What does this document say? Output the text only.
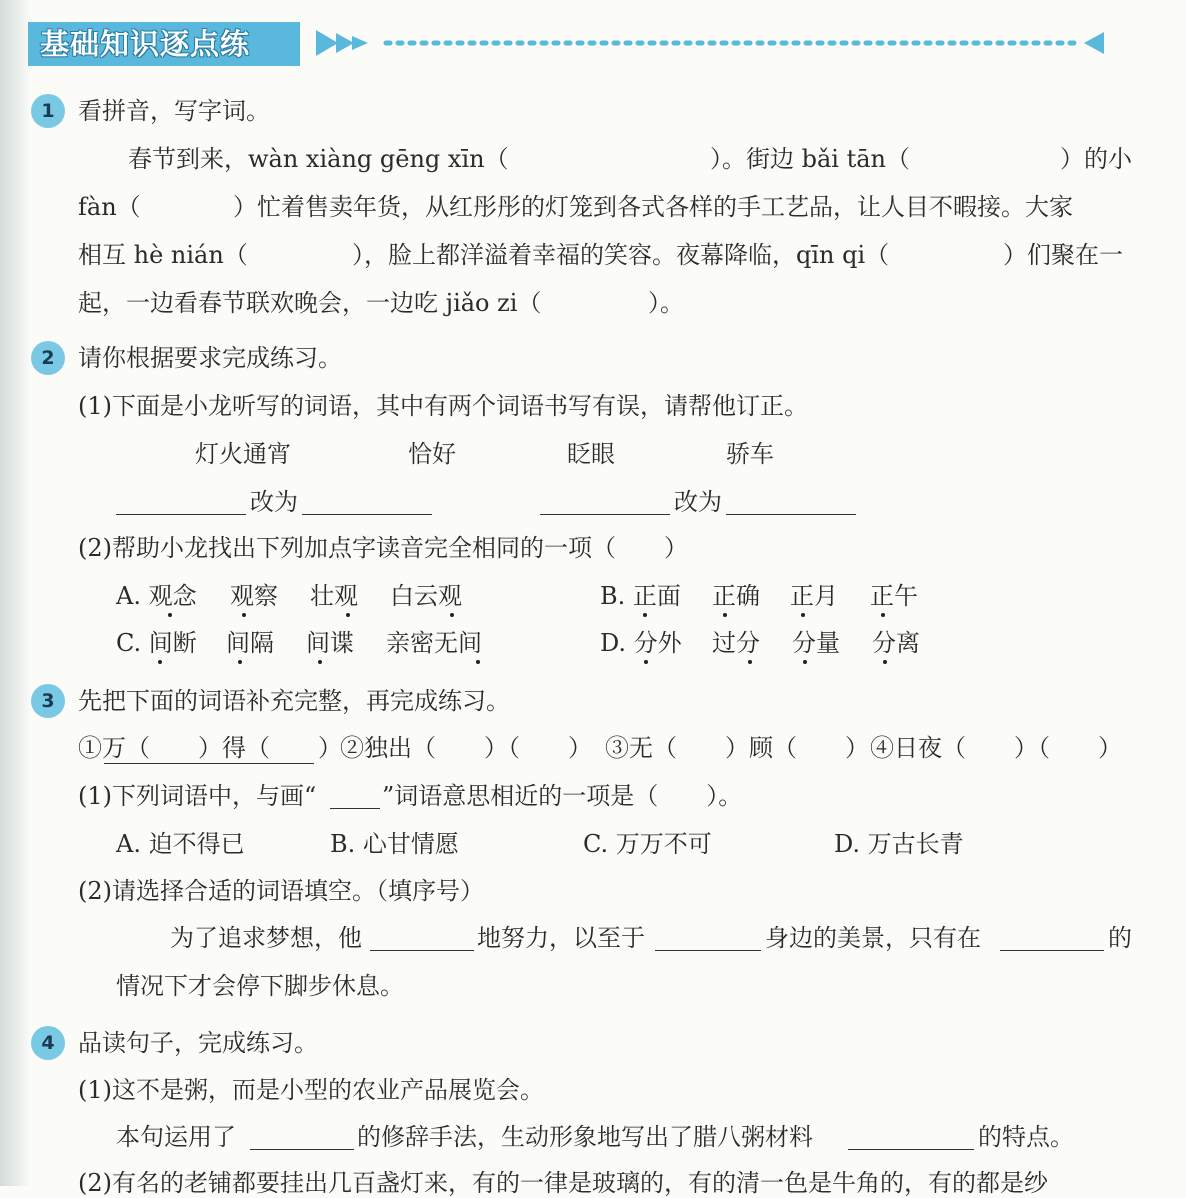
基础知识逐点练
1 看拼音，写字词。
春节到来，wàn xiàng gēng xīn（	）。街边 bǎi tān（	）的小
fàn（	）忙着售卖年货，从红彤彤的灯笼到各式各样的手工艺品，让人目不暇接。大家
相互 hè nián（	），脸上都洋溢着幸福的笑容。夜幕降临，qīn qi（	）们聚在一
起，一边看春节联欢晚会，一边吃 jiǎo zi（	）。
2 请你根据要求完成练习。
(1)下面是小龙听写的词语，其中有两个词语书写有误，请帮他订正。
灯火通宵	恰好	眨眼	骄车
改为	改为
(2)帮助小龙找出下列加点字读音完全相同的一项（　　）
A. 观念 观察 壮观 白云观	B. 正面 正确 正月 正午
C. 间断 间隔 间谍 亲密无间	D. 分外 过分 分量 分离
3 先把下面的词语补充完整，再完成练习。
①万（　　）得（　　）
②独出（　　）（　　） ③无（　　）顾（　　） ④日夜（　　）（　　）
(1)下列词语中，与画“	”词语意思相近的一项是（　　）。
A. 迫不得已	B. 心甘情愿	C. 万万不可	D. 万古长青
(2)请选择合适的词语填空。（填序号）
为了追求梦想，他	地努力，以至于	身边的美景，只有在	的
情况下才会停下脚步休息。
4 品读句子，完成练习。
(1)这不是粥，而是小型的农业产品展览会。
本句运用了	的修辞手法，生动形象地写出了腊八粥材料	的特点。
(2)有名的老铺都要挂出几百盏灯来，有的一律是玻璃的，有的清一色是牛角的，有的都是纱
